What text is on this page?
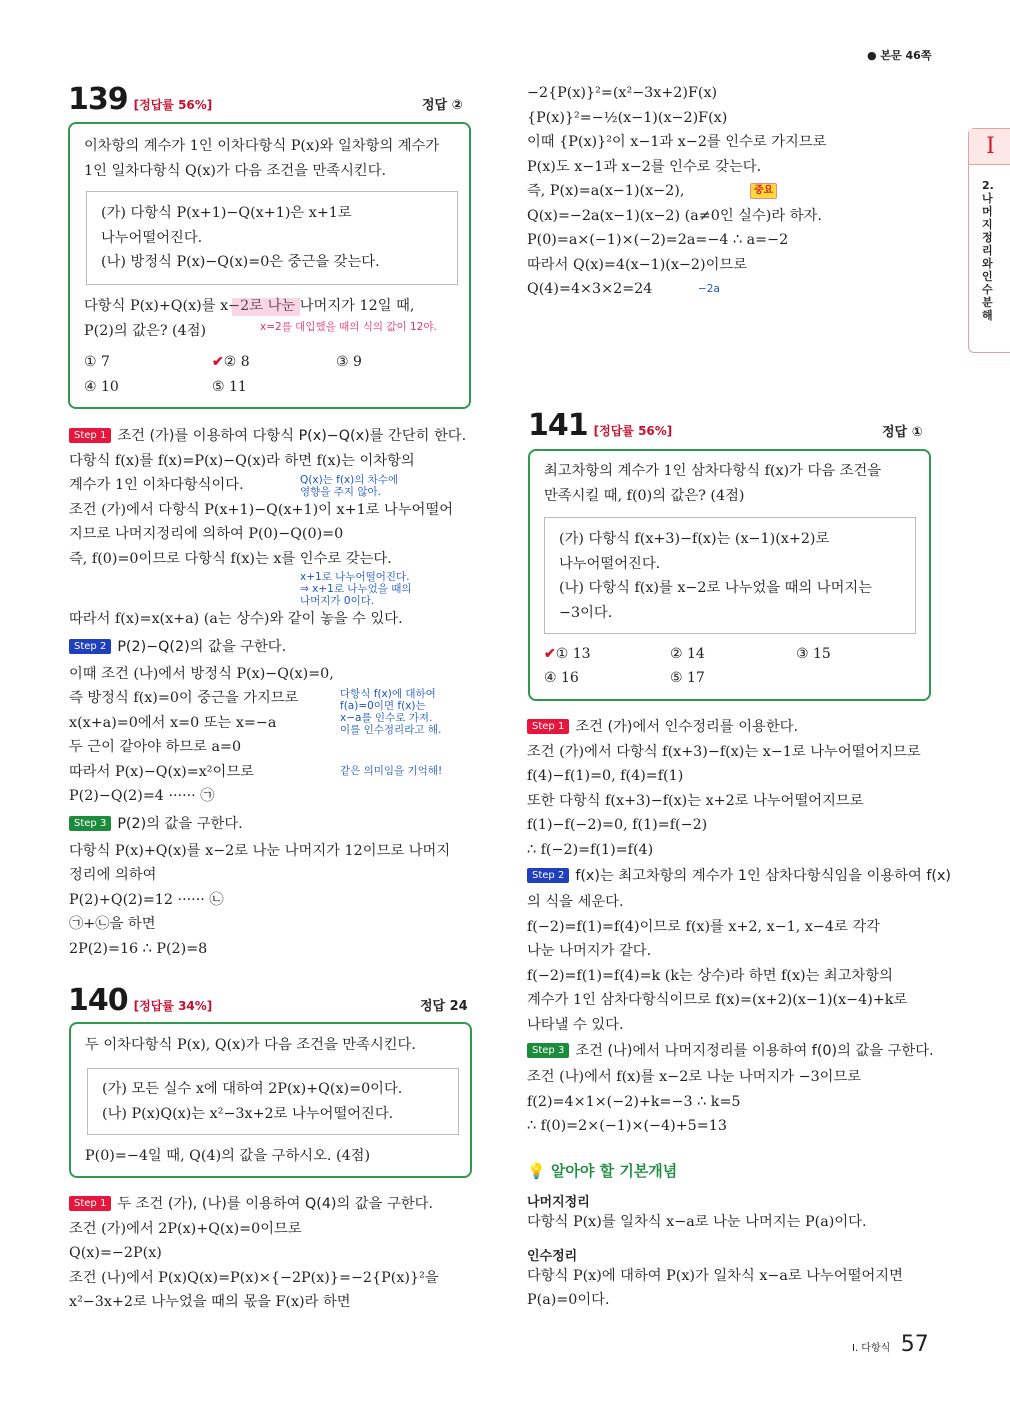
● 본문 46쪽
Ⅰ
2.나머지정리와 인수분해
139 [정답률 56%]	정답 ②
이차항의 계수가 1인 이차다항식 P(x)와 일차항의 계수가
1인 일차다항식 Q(x)가 다음 조건을 만족시킨다.
(가) 다항식 P(x+1)−Q(x+1)은 x+1로
나누어떨어진다.
(나) 방정식 P(x)−Q(x)=0은 중근을 갖는다.
다항식 P(x)+Q(x)를 x−2로 나눈 나머지가 12일 때,
P(2)의 값은? (4점)	x=2를 대입했을 때의 식의 값이 12야.
① 7	✔② 8	③ 9
④ 10	⑤ 11
Step 1 조건 (가)를 이용하여 다항식 P(x)−Q(x)를 간단히 한다.
다항식 f(x)를 f(x)=P(x)−Q(x)라 하면 f(x)는 이차항의
계수가 1인 이차다항식이다.
조건 (가)에서 다항식 P(x+1)−Q(x+1)이 x+1로 나누어떨어
지므로 나머지정리에 의하여 P(0)−Q(0)=0
즉, f(0)=0이므로 다항식 f(x)는 x를 인수로 갖는다.
따라서 f(x)=x(x+a) (a는 상수)와 같이 놓을 수 있다.
Step 2 P(2)−Q(2)의 값을 구한다.
이때 조건 (나)에서 방정식 P(x)−Q(x)=0,
즉 방정식 f(x)=0이 중근을 가지므로
x(x+a)=0에서 x=0 또는 x=−a
두 근이 같아야 하므로 a=0
따라서 P(x)−Q(x)=x²이므로
P(2)−Q(2)=4 ······ ㉠
Step 3 P(2)의 값을 구한다.
다항식 P(x)+Q(x)를 x−2로 나눈 나머지가 12이므로 나머지
정리에 의하여
P(2)+Q(2)=12 ······ ㉡
㉠+㉡을 하면
2P(2)=16 ∴ P(2)=8
Q(x)는 f(x)의 차수에
영향을 주지 않아.
x+1로 나누어떨어진다.
⇒ x+1로 나누었을 때의
나머지가 0이다.
다항식 f(x)에 대하여
f(a)=0이면 f(x)는
x−a를 인수로 가져.
이를 인수정리라고 해.
같은 의미임을 기억해!
140 [정답률 34%]	정답 24
두 이차다항식 P(x), Q(x)가 다음 조건을 만족시킨다.
(가) 모든 실수 x에 대하여 2P(x)+Q(x)=0이다.
(나) P(x)Q(x)는 x²−3x+2로 나누어떨어진다.
P(0)=−4일 때, Q(4)의 값을 구하시오. (4점)
Step 1 두 조건 (가), (나)를 이용하여 Q(4)의 값을 구한다.
조건 (가)에서 2P(x)+Q(x)=0이므로
Q(x)=−2P(x)
조건 (나)에서 P(x)Q(x)=P(x)×{−2P(x)}=−2{P(x)}²을
x²−3x+2로 나누었을 때의 몫을 F(x)라 하면
−2{P(x)}²=(x²−3x+2)F(x)
{P(x)}²=−½(x−1)(x−2)F(x)
이때 {P(x)}²이 x−1과 x−2를 인수로 가지므로
P(x)도 x−1과 x−2를 인수로 갖는다.
즉, P(x)=a(x−1)(x−2),
Q(x)=−2a(x−1)(x−2) (a≠0인 실수)라 하자.
P(0)=a×(−1)×(−2)=2a=−4 ∴ a=−2
따라서 Q(x)=4(x−1)(x−2)이므로
Q(4)=4×3×2=24
중요
−2a
141 [정답률 56%]	정답 ①
최고차항의 계수가 1인 삼차다항식 f(x)가 다음 조건을
만족시킬 때, f(0)의 값은? (4점)
(가) 다항식 f(x+3)−f(x)는 (x−1)(x+2)로
나누어떨어진다.
(나) 다항식 f(x)를 x−2로 나누었을 때의 나머지는
−3이다.
✔① 13	② 14	③ 15
④ 16	⑤ 17
Step 1 조건 (가)에서 인수정리를 이용한다.
조건 (가)에서 다항식 f(x+3)−f(x)는 x−1로 나누어떨어지므로
f(4)−f(1)=0, f(4)=f(1)
또한 다항식 f(x+3)−f(x)는 x+2로 나누어떨어지므로
f(1)−f(−2)=0, f(1)=f(−2)
∴ f(−2)=f(1)=f(4)
Step 2 f(x)는 최고차항의 계수가 1인 삼차다항식임을 이용하여 f(x)
의 식을 세운다.
f(−2)=f(1)=f(4)이므로 f(x)를 x+2, x−1, x−4로 각각
나눈 나머지가 같다.
f(−2)=f(1)=f(4)=k (k는 상수)라 하면 f(x)는 최고차항의
계수가 1인 삼차다항식이므로 f(x)=(x+2)(x−1)(x−4)+k로
나타낼 수 있다.
Step 3 조건 (나)에서 나머지정리를 이용하여 f(0)의 값을 구한다.
조건 (나)에서 f(x)를 x−2로 나눈 나머지가 −3이므로
f(2)=4×1×(−2)+k=−3 ∴ k=5
∴ f(0)=2×(−1)×(−4)+5=13
💡 알아야 할 기본개념
나머지정리
다항식 P(x)를 일차식 x−a로 나눈 나머지는 P(a)이다.
인수정리
다항식 P(x)에 대하여 P(x)가 일차식 x−a로 나누어떨어지면
P(a)=0이다.
Ⅰ. 다항식 57
